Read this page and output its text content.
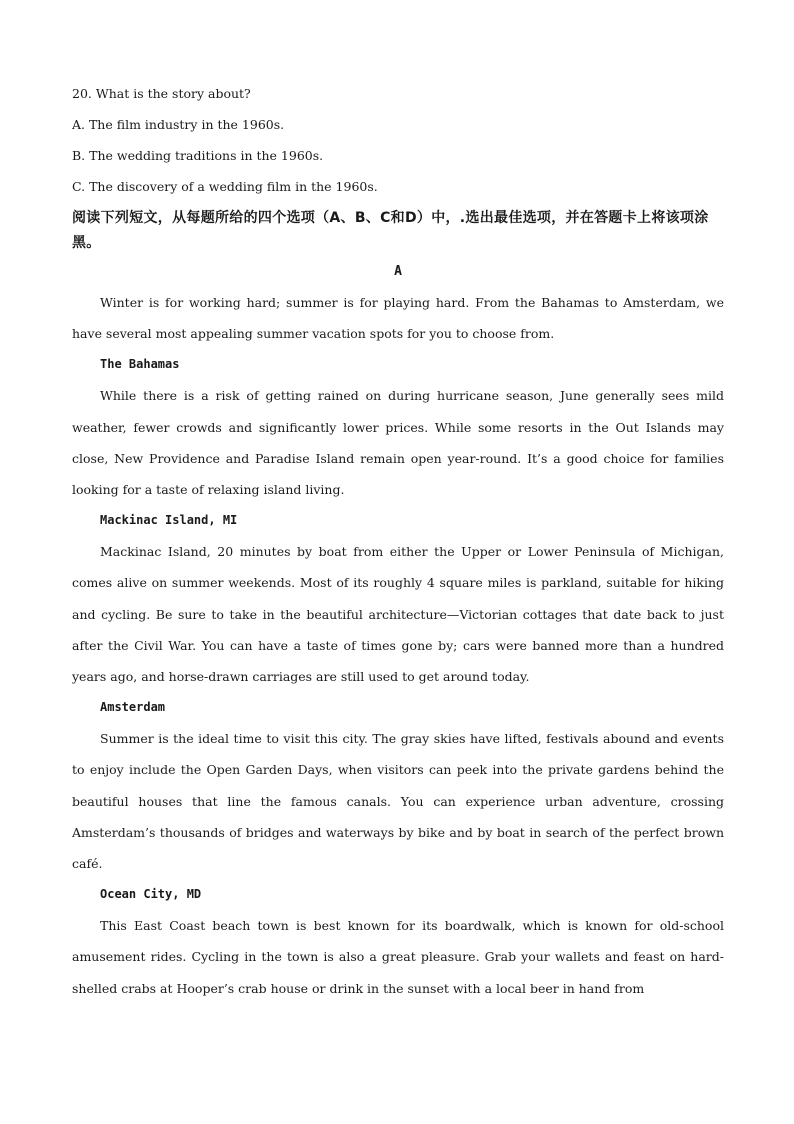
20. What is the story about?

A. The film industry in the 1960s.

B. The wedding traditions in the 1960s.

C. The discovery of a wedding film in the 1960s.

阅读下列短文，从每题所给的四个选项（A、B、C和D）中，.选出最佳选项，并在答题卡上将该项涂黑。

A

Winter is for working hard; summer is for playing hard. From the Bahamas to Amsterdam, we have several most appealing summer vacation spots for you to choose from.

The Bahamas

While there is a risk of getting rained on during hurricane season, June generally sees mild weather, fewer crowds and significantly lower prices. While some resorts in the Out Islands may close, New Providence and Paradise Island remain open year-round. It’s a good choice for families looking for a taste of relaxing island living.

Mackinac Island, MI

Mackinac Island, 20 minutes by boat from either the Upper or Lower Peninsula of Michigan, comes alive on summer weekends. Most of its roughly 4 square miles is parkland, suitable for hiking and cycling. Be sure to take in the beautiful architecture—Victorian cottages that date back to just after the Civil War. You can have a taste of times gone by; cars were banned more than a hundred years ago, and horse-drawn carriages are still used to get around today.

Amsterdam

Summer is the ideal time to visit this city. The gray skies have lifted, festivals abound and events to enjoy include the Open Garden Days, when visitors can peek into the private gardens behind the beautiful houses that line the famous canals. You can experience urban adventure, crossing Amsterdam’s thousands of bridges and waterways by bike and by boat in search of the perfect brown café.

Ocean City, MD

This East Coast beach town is best known for its boardwalk, which is known for old-school amusement rides. Cycling in the town is also a great pleasure. Grab your wallets and feast on hard-shelled crabs at Hooper’s crab house or drink in the sunset with a local beer in hand from
